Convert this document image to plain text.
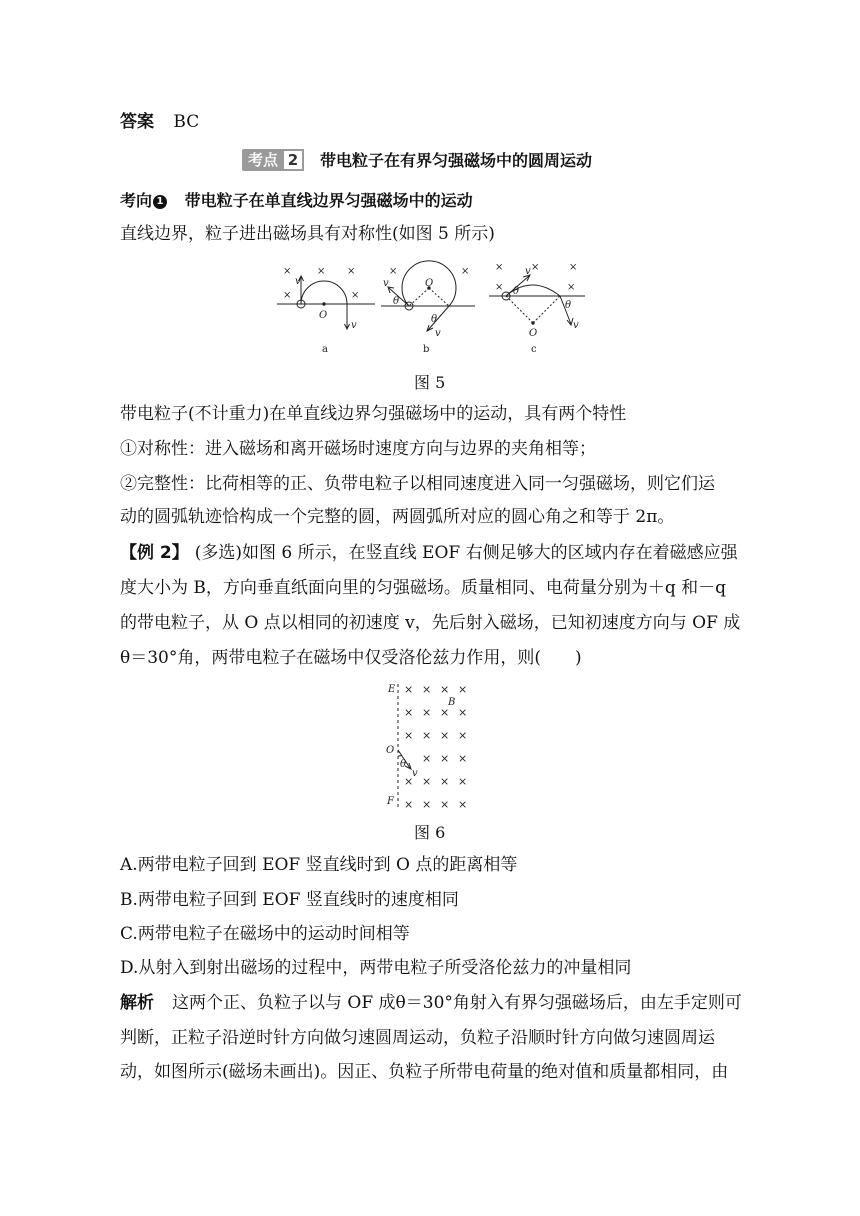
答案 BC
考点 2	带电粒子在有界匀强磁场中的圆周运动
考向 1 带电粒子在单直线边界匀强磁场中的运动
直线边界，粒子进出磁场具有对称性(如图 5 所示)
×	× ×
×	×
v
v
O
a
×	×
v
θ
O
θ
v
b
×	×	×
×	×
v
θ
θ
v
O
c
图 5
带电粒子(不计重力)在单直线边界匀强磁场中的运动，具有两个特性
①对称性：进入磁场和离开磁场时速度方向与边界的夹角相等；
②完整性：比荷相等的正、负带电粒子以相同速度进入同一匀强磁场，则它们运
动的圆弧轨迹恰构成一个完整的圆，两圆弧所对应的圆心角之和等于 2π。
【例 2】 (多选)如图 6 所示，在竖直线 EOF 右侧足够大的区域内存在着磁感应强
度大小为 B，方向垂直纸面向里的匀强磁场。质量相同、电荷量分别为＋q 和－q
的带电粒子，从 O 点以相同的初速度 v，先后射入磁场，已知初速度方向与 OF 成
θ＝30°角，两带电粒子在磁场中仅受洛伦兹力作用，则(　　)
E
O
F
B
θ
v
× × × ×
× × × ×
× × × ×
× × ×
× × × ×
× × × ×
图 6
A.两带电粒子回到 EOF 竖直线时到 O 点的距离相等
B.两带电粒子回到 EOF 竖直线时的速度相同
C.两带电粒子在磁场中的运动时间相等
D.从射入到射出磁场的过程中，两带电粒子所受洛伦兹力的冲量相同
解析 这两个正、负粒子以与 OF 成θ＝30°角射入有界匀强磁场后，由左手定则可
判断，正粒子沿逆时针方向做匀速圆周运动，负粒子沿顺时针方向做匀速圆周运
动，如图所示(磁场未画出)。因正、负粒子所带电荷量的绝对值和质量都相同，由
